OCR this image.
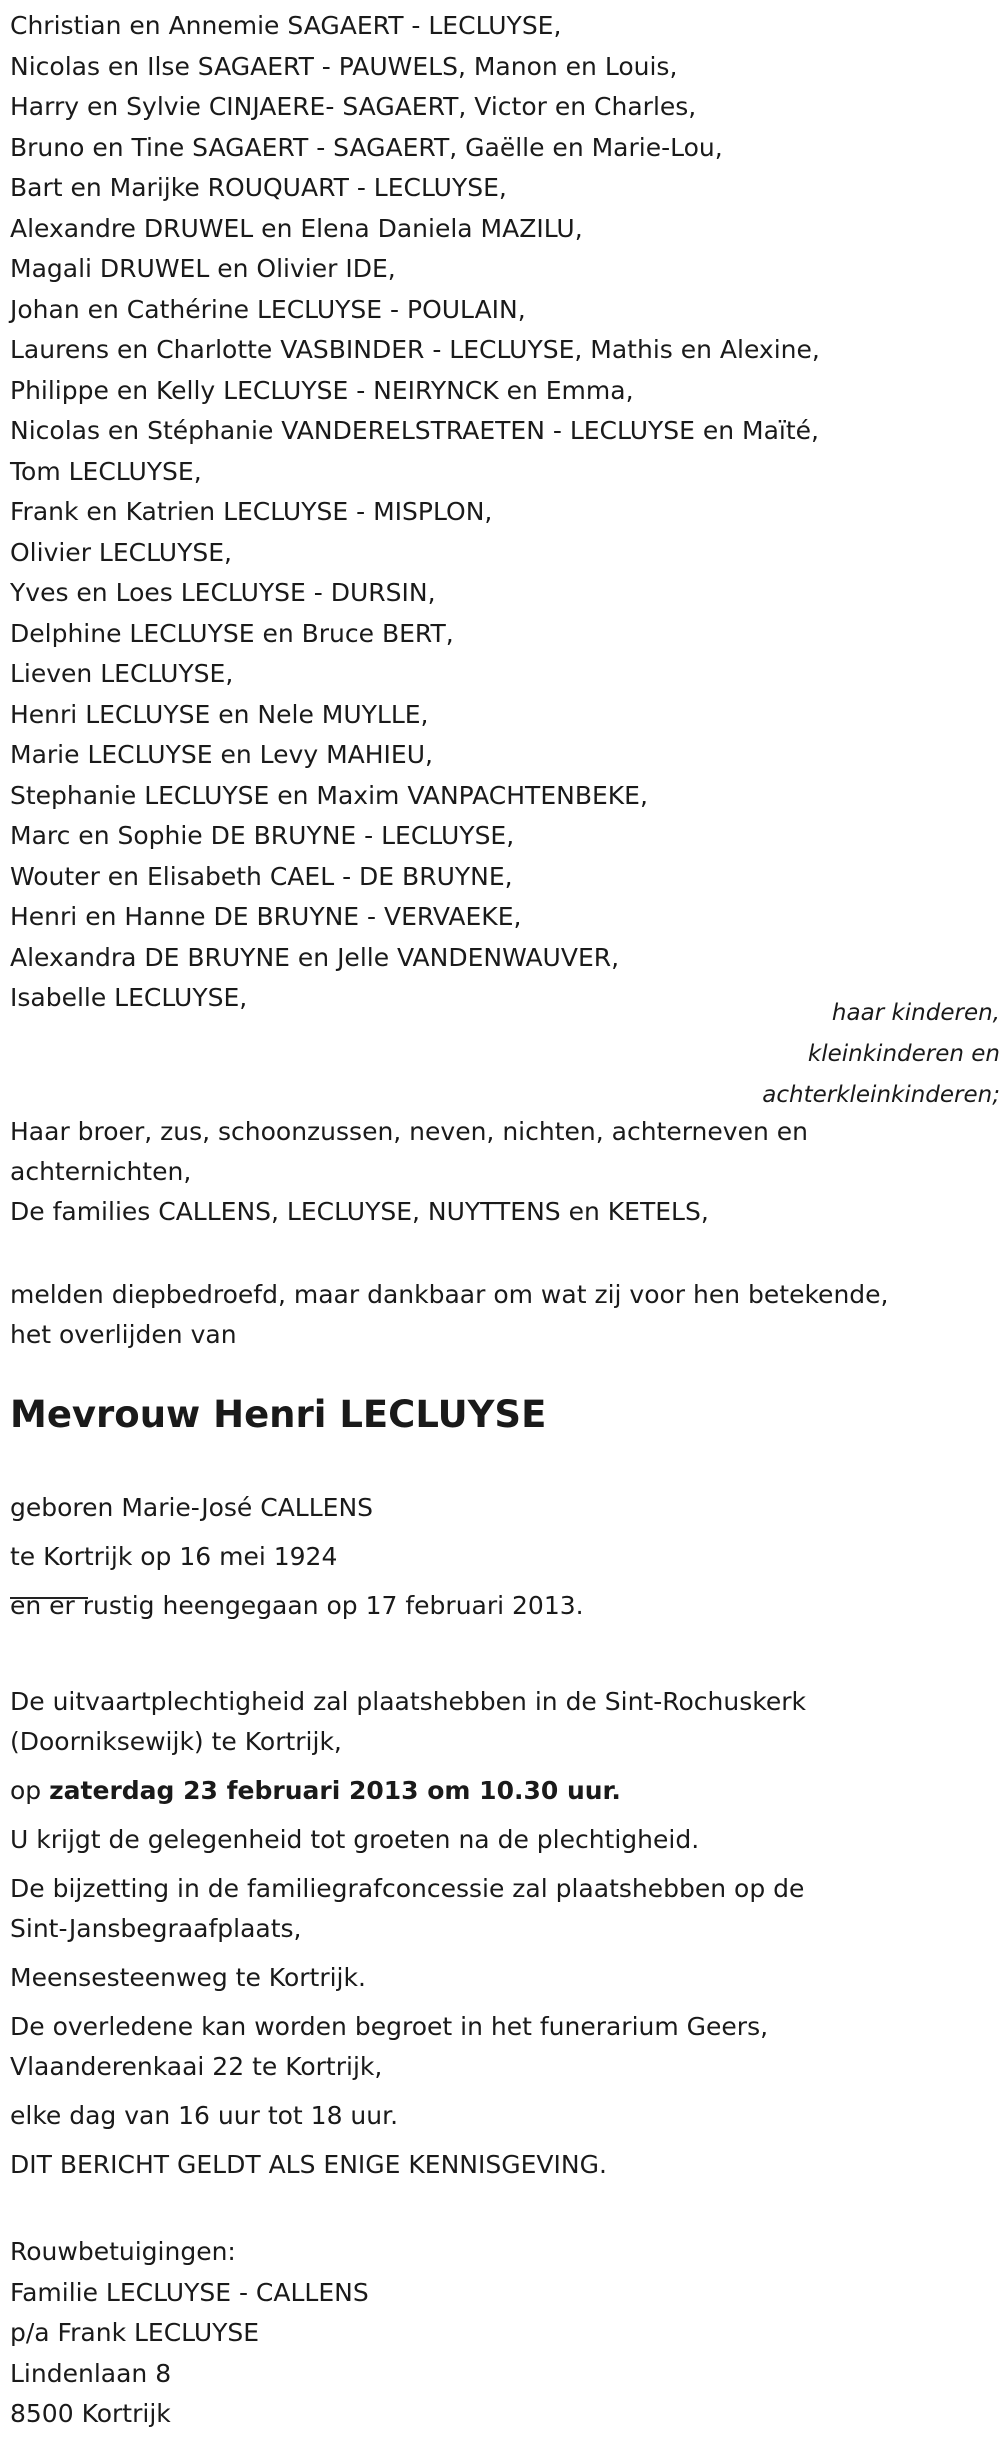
Christian en Annemie SAGAERT - LECLUYSE,
Nicolas en Ilse SAGAERT - PAUWELS, Manon en Louis,
Harry en Sylvie CINJAERE- SAGAERT, Victor en Charles,
Bruno en Tine SAGAERT - SAGAERT, Gaëlle en Marie-Lou,
Bart en Marijke ROUQUART - LECLUYSE,
Alexandre DRUWEL en Elena Daniela MAZILU,
Magali DRUWEL en Olivier IDE,
Johan en Cathérine LECLUYSE - POULAIN,
Laurens en Charlotte VASBINDER - LECLUYSE, Mathis en Alexine,
Philippe en Kelly LECLUYSE - NEIRYNCK en Emma,
Nicolas en Stéphanie VANDERELSTRAETEN - LECLUYSE en Maïté,
Tom LECLUYSE,
Frank en Katrien LECLUYSE - MISPLON,
Olivier LECLUYSE,
Yves en Loes LECLUYSE - DURSIN,
Delphine LECLUYSE en Bruce BERT,
Lieven LECLUYSE,
Henri LECLUYSE en Nele MUYLLE,
Marie LECLUYSE en Levy MAHIEU,
Stephanie LECLUYSE en Maxim VANPACHTENBEKE,
Marc en Sophie DE BRUYNE - LECLUYSE,
Wouter en Elisabeth CAEL - DE BRUYNE,
Henri en Hanne DE BRUYNE - VERVAEKE,
Alexandra DE BRUYNE en Jelle VANDENWAUVER,
Isabelle LECLUYSE,
haar kinderen,
kleinkinderen en
achterkleinkinderen;
Haar broer, zus, schoonzussen, neven, nichten, achterneven en
achternichten,
De families CALLENS, LECLUYSE, NUYTTENS en KETELS,
melden diepbedroefd, maar dankbaar om wat zij voor hen betekende,
het overlijden van
Mevrouw Henri LECLUYSE
geboren Marie-José CALLENS
te Kortrijk op 16 mei 1924
en er rustig heengegaan op 17 februari 2013.

De uitvaartplechtigheid zal plaatshebben in de Sint-Rochuskerk
(Doorniksewijk) te Kortrijk,

op zaterdag 23 februari 2013 om 10.30 uur.

U krijgt de gelegenheid tot groeten na de plechtigheid.

De bijzetting in de familiegrafconcessie zal plaatshebben op de
Sint-Jansbegraafplaats,

Meensesteenweg te Kortrijk.

De overledene kan worden begroet in het funerarium Geers,
Vlaanderenkaai 22 te Kortrijk,

elke dag van 16 uur tot 18 uur.

DIT BERICHT GELDT ALS ENIGE KENNISGEVING.

Rouwbetuigingen:
Familie LECLUYSE - CALLENS
p/a Frank LECLUYSE
Lindenlaan 8
8500 Kortrijk
